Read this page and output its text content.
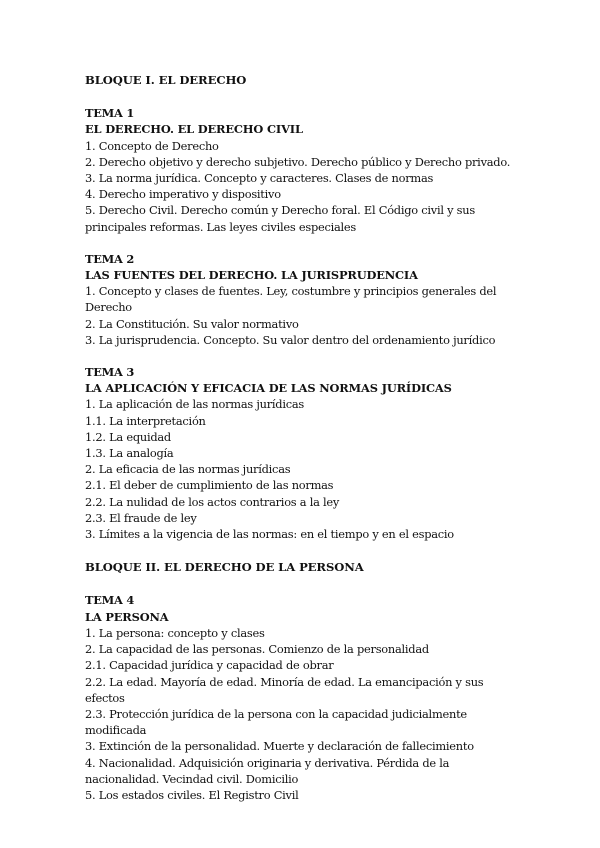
BLOQUE I. EL DERECHO

TEMA 1

EL DERECHO. EL DERECHO CIVIL

1. Concepto de Derecho

2. Derecho objetivo y derecho subjetivo. Derecho público y Derecho privado.

3. La norma jurídica. Concepto y caracteres. Clases de normas

4. Derecho imperativo y dispositivo

5. Derecho Civil. Derecho común y Derecho foral. El Código civil y sus principales reformas. Las leyes civiles especiales

TEMA 2

LAS FUENTES DEL DERECHO. LA JURISPRUDENCIA

1. Concepto y clases de fuentes. Ley, costumbre y principios generales del Derecho

2. La Constitución. Su valor normativo

3. La jurisprudencia. Concepto. Su valor dentro del ordenamiento jurídico

TEMA 3

LA APLICACIÓN Y EFICACIA DE LAS NORMAS JURÍDICAS

1. La aplicación de las normas jurídicas

1.1. La interpretación

1.2. La equidad

1.3. La analogía

2. La eficacia de las normas jurídicas

2.1. El deber de cumplimiento de las normas

2.2. La nulidad de los actos contrarios a la ley

2.3. El fraude de ley

3. Límites a la vigencia de las normas: en el tiempo y en el espacio

BLOQUE II. EL DERECHO DE LA PERSONA

TEMA 4

LA PERSONA

1. La persona: concepto y clases

2. La capacidad de las personas. Comienzo de la personalidad

2.1. Capacidad jurídica y capacidad de obrar

2.2. La edad. Mayoría de edad. Minoría de edad. La emancipación y sus efectos

2.3. Protección jurídica de la persona con la capacidad judicialmente modificada

3. Extinción de la personalidad. Muerte y declaración de fallecimiento

4. Nacionalidad. Adquisición originaria y derivativa. Pérdida de la nacionalidad. Vecindad civil. Domicilio

5. Los estados civiles. El Registro Civil
